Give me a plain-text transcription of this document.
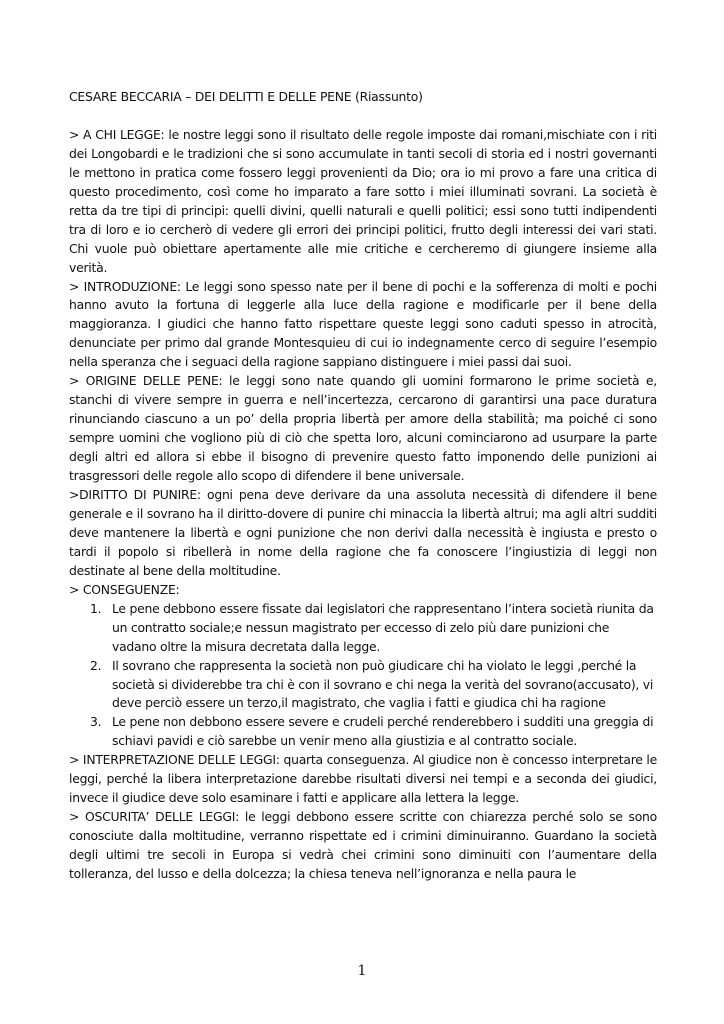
CESARE BECCARIA – DEI DELITTI E DELLE PENE (Riassunto)

> A CHI LEGGE: le nostre leggi sono il risultato delle regole imposte dai romani,mischiate con i riti dei Longobardi e le tradizioni che si sono accumulate in tanti secoli di storia ed i nostri governanti le mettono in pratica come fossero leggi provenienti da Dio; ora io mi provo a fare una critica di questo procedimento, così come ho imparato a fare sotto i miei illuminati sovrani. La società è retta da tre tipi di principi: quelli divini, quelli naturali e quelli politici; essi sono tutti indipendenti tra di loro e io cercherò di vedere gli errori dei principi politici, frutto degli interessi dei vari stati. Chi vuole può obiettare apertamente alle mie critiche e cercheremo di giungere insieme alla verità.

> INTRODUZIONE: Le leggi sono spesso nate per il bene di pochi e la sofferenza di molti e pochi hanno avuto la fortuna di leggerle alla luce della ragione e modificarle per il bene della maggioranza. I giudici che hanno fatto rispettare queste leggi sono caduti spesso in atrocità, denunciate per primo dal grande Montesquieu di cui io indegnamente cerco di seguire l’esempio nella speranza che i seguaci della ragione sappiano distinguere i miei passi dai suoi.

> ORIGINE DELLE PENE: le leggi sono nate quando gli uomini formarono le prime società e, stanchi di vivere sempre in guerra e nell’incertezza, cercarono di garantirsi una pace duratura rinunciando ciascuno a un po’ della propria libertà per amore della stabilità; ma poiché ci sono sempre uomini che vogliono più di ciò che spetta loro, alcuni cominciarono ad usurpare la parte degli altri ed allora si ebbe il bisogno di prevenire questo fatto imponendo delle punizioni ai trasgressori delle regole allo scopo di difendere il bene universale.

>DIRITTO DI PUNIRE: ogni pena deve derivare da una assoluta necessità di difendere il bene generale e il sovrano ha il diritto-dovere di punire chi minaccia la libertà altrui; ma agli altri sudditi deve mantenere la libertà e ogni punizione che non derivi dalla necessità è ingiusta e presto o tardi il popolo si ribellerà in nome della ragione che fa conoscere l’ingiustizia di leggi non destinate al bene della moltitudine.

> CONSEGUENZE:

1. Le pene debbono essere fissate dai legislatori che rappresentano l’intera società riunita da un contratto sociale;e nessun magistrato per eccesso di zelo più dare punizioni che vadano oltre la misura decretata dalla legge.
2. Il sovrano che rappresenta la società non può giudicare chi ha violato le leggi ,perché la società si dividerebbe tra chi è con il sovrano e chi nega la verità del sovrano(accusato), vi deve perciò essere un terzo,il magistrato, che vaglia i fatti e giudica chi ha ragione
3. Le pene non debbono essere severe e crudeli perché renderebbero i sudditi una greggia di schiavi pavidi e ciò sarebbe un venir meno alla giustizia e al contratto sociale.

> INTERPRETAZIONE DELLE LEGGI: quarta conseguenza. Al giudice non è concesso interpretare le leggi, perché la libera interpretazione darebbe risultati diversi nei tempi e a seconda dei giudici, invece il giudice deve solo esaminare i fatti e applicare alla lettera la legge.

> OSCURITA’ DELLE LEGGI: le leggi debbono essere scritte con chiarezza perché solo se sono conosciute dalla moltitudine, verranno rispettate ed i crimini diminuiranno. Guardano la società degli ultimi tre secoli in Europa si vedrà chei crimini sono diminuiti con l’aumentare della tolleranza, del lusso e della dolcezza; la chiesa teneva nell’ignoranza e nella paura le

1
